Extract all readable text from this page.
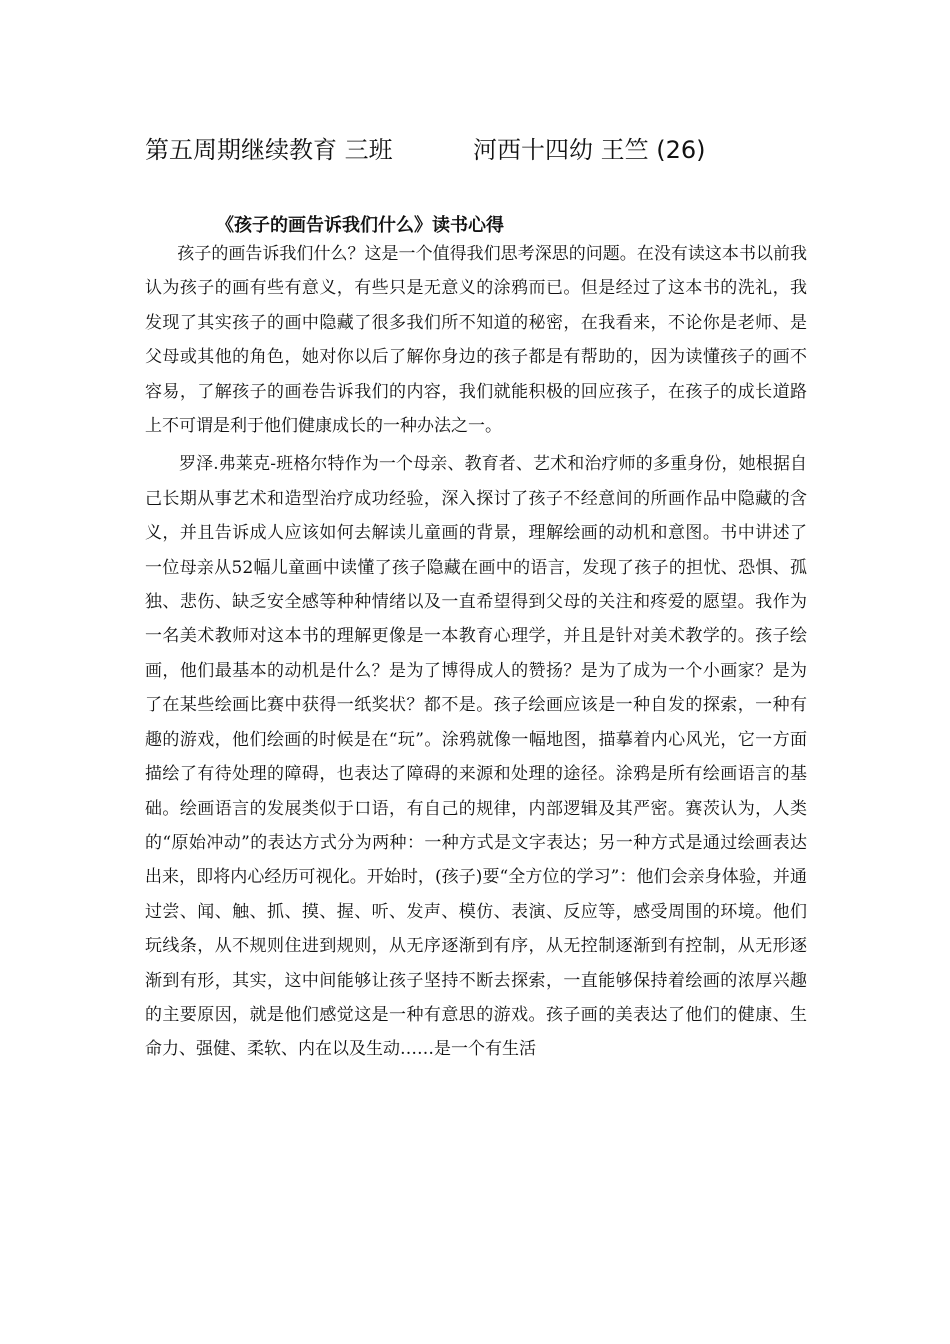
第五周期继续教育 三班	河西十四幼 王竺 (26)
《孩子的画告诉我们什么》读书心得

孩子的画告诉我们什么？这是一个值得我们思考深思的问题。在没有读这本书以前我认为孩子的画有些有意义，有些只是无意义的涂鸦而已。但是经过了这本书的洗礼，我发现了其实孩子的画中隐藏了很多我们所不知道的秘密，在我看来，不论你是老师、是父母或其他的角色，她对你以后了解你身边的孩子都是有帮助的，因为读懂孩子的画不容易，了解孩子的画卷告诉我们的内容，我们就能积极的回应孩子，在孩子的成长道路上不可谓是利于他们健康成长的一种办法之一。

罗泽.弗莱克-班格尔特作为一个母亲、教育者、艺术和治疗师的多重身份，她根据自己长期从事艺术和造型治疗成功经验，深入探讨了孩子不经意间的所画作品中隐藏的含义，并且告诉成人应该如何去解读儿童画的背景，理解绘画的动机和意图。书中讲述了一位母亲从52幅儿童画中读懂了孩子隐藏在画中的语言，发现了孩子的担忧、恐惧、孤独、悲伤、缺乏安全感等种种情绪以及一直希望得到父母的关注和疼爱的愿望。我作为一名美术教师对这本书的理解更像是一本教育心理学，并且是针对美术教学的。孩子绘画，他们最基本的动机是什么？是为了博得成人的赞扬？是为了成为一个小画家？是为了在某些绘画比赛中获得一纸奖状？都不是。孩子绘画应该是一种自发的探索，一种有趣的游戏，他们绘画的时候是在“玩”。涂鸦就像一幅地图，描摹着内心风光，它一方面描绘了有待处理的障碍，也表达了障碍的来源和处理的途径。涂鸦是所有绘画语言的基础。绘画语言的发展类似于口语，有自己的规律，内部逻辑及其严密。赛茨认为，人类的“原始冲动”的表达方式分为两种：一种方式是文字表达；另一种方式是通过绘画表达出来，即将内心经历可视化。开始时，(孩子)要“全方位的学习”：他们会亲身体验，并通过尝、闻、触、抓、摸、握、听、发声、模仿、表演、反应等，感受周围的环境。他们玩线条，从不规则住进到规则，从无序逐渐到有序，从无控制逐渐到有控制，从无形逐渐到有形，其实，这中间能够让孩子坚持不断去探索，一直能够保持着绘画的浓厚兴趣的主要原因，就是他们感觉这是一种有意思的游戏。孩子画的美表达了他们的健康、生命力、强健、柔软、内在以及生动……是一个有生活
